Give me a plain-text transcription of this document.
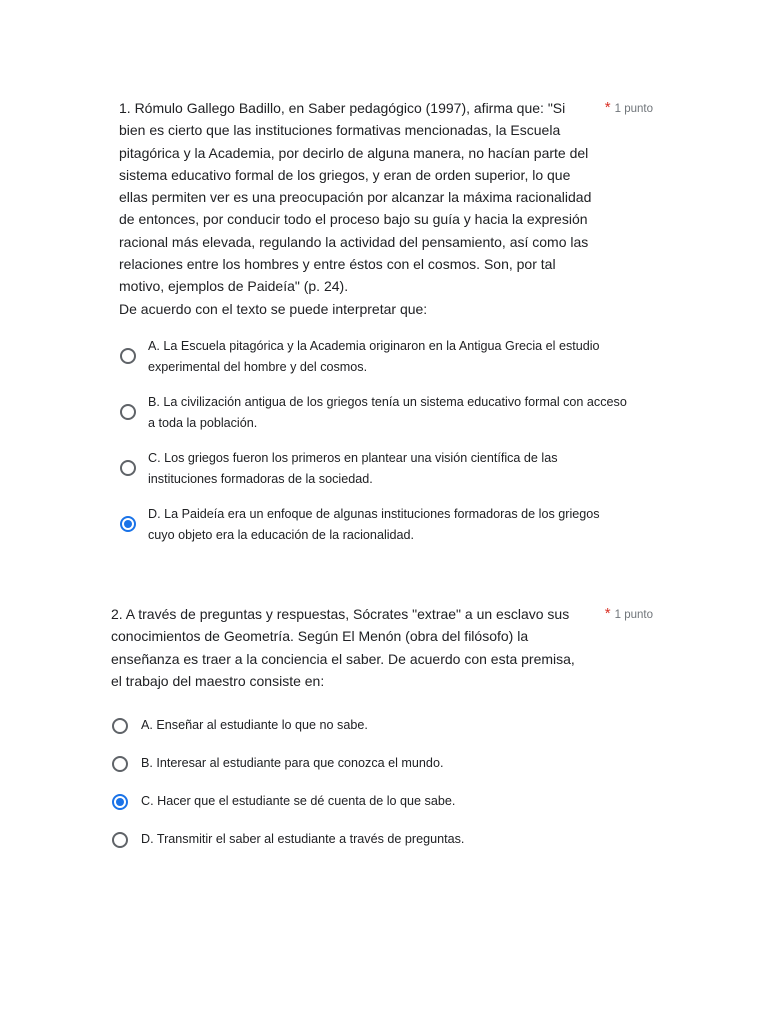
1. Rómulo Gallego Badillo, en Saber pedagógico (1997), afirma que: "Si
bien es cierto que las instituciones formativas mencionadas, la Escuela
pitagórica y la Academia, por decirlo de alguna manera, no hacían parte del
sistema educativo formal de los griegos, y eran de orden superior, lo que
ellas permiten ver es una preocupación por alcanzar la máxima racionalidad
de entonces, por conducir todo el proceso bajo su guía y hacia la expresión
racional más elevada, regulando la actividad del pensamiento, así como las
relaciones entre los hombres y entre éstos con el cosmos. Son, por tal
motivo, ejemplos de Paideía" (p. 24).
De acuerdo con el texto se puede interpretar que:
* 1 punto
A. La Escuela pitagórica y la Academia originaron en la Antigua Grecia el estudio experimental del hombre y del cosmos.
B. La civilización antigua de los griegos tenía un sistema educativo formal con acceso a toda la población.
C. Los griegos fueron los primeros en plantear una visión científica de las instituciones formadoras de la sociedad.
D. La Paideía era un enfoque de algunas instituciones formadoras de los griegos cuyo objeto era la educación de la racionalidad.
2. A través de preguntas y respuestas, Sócrates "extrae" a un esclavo sus
conocimientos de Geometría. Según El Menón (obra del filósofo) la
enseñanza es traer a la conciencia el saber. De acuerdo con esta premisa,
el trabajo del maestro consiste en:
* 1 punto
A. Enseñar al estudiante lo que no sabe.
B. Interesar al estudiante para que conozca el mundo.
C. Hacer que el estudiante se dé cuenta de lo que sabe.
D. Transmitir el saber al estudiante a través de preguntas.
